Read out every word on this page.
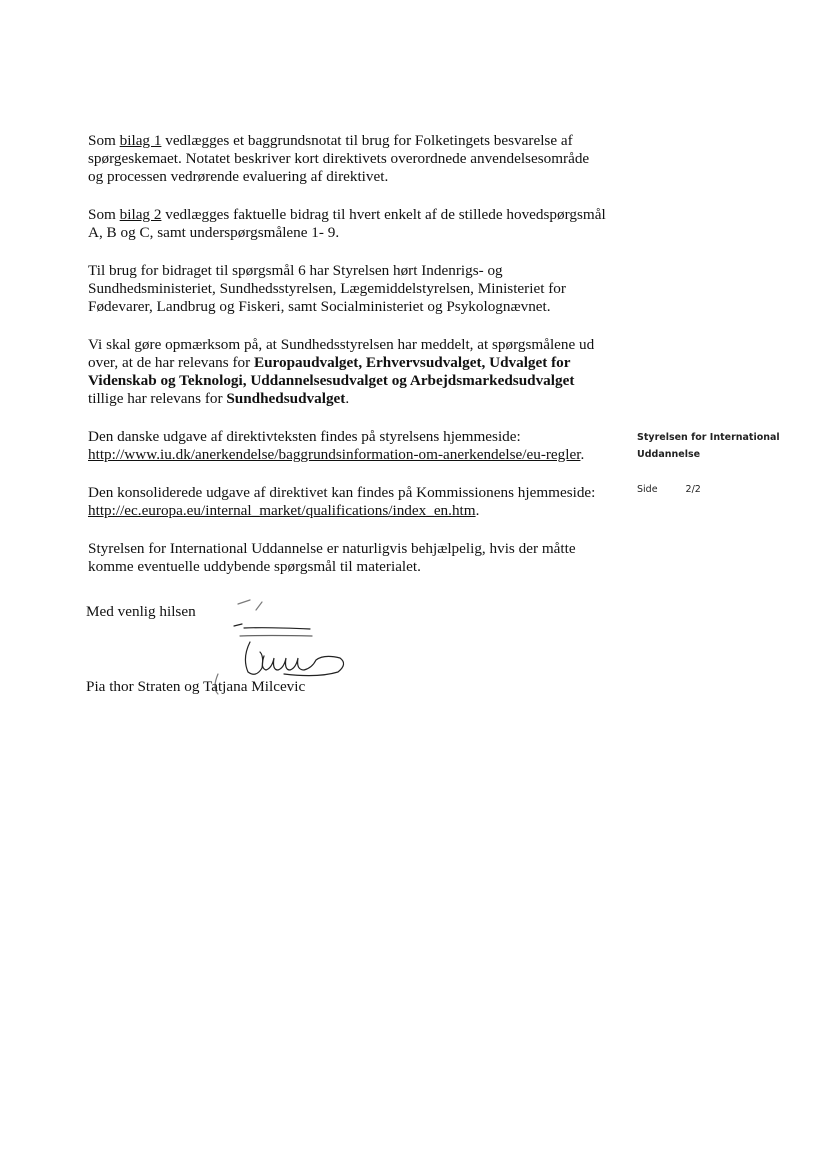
Som bilag 1 vedlægges et baggrundsnotat til brug for Folketingets besvarelse af spørgeskemaet. Notatet beskriver kort direktivets overordnede anvendelsesområde og processen vedrørende evaluering af direktivet.

Som bilag 2 vedlægges faktuelle bidrag til hvert enkelt af de stillede hovedspørgsmål A, B og C, samt underspørgsmålene 1- 9.

Til brug for bidraget til spørgsmål 6 har Styrelsen hørt Indenrigs- og Sundhedsministeriet, Sundhedsstyrelsen, Lægemiddelstyrelsen, Ministeriet for Fødevarer, Landbrug og Fiskeri, samt Socialministeriet og Psykolognævnet.

Vi skal gøre opmærksom på, at Sundhedsstyrelsen har meddelt, at spørgsmålene ud over, at de har relevans for Europaudvalget, Erhvervsudvalget, Udvalget for Videnskab og Teknologi, Uddannelsesudvalget og Arbejdsmarkedsudvalget tillige har relevans for Sundhedsudvalget.

Den danske udgave af direktivteksten findes på styrelsens hjemmeside:
http://www.iu.dk/anerkendelse/baggrundsinformation-om-anerkendelse/eu-regler.

Den konsoliderede udgave af direktivet kan findes på Kommissionens hjemmeside: http://ec.europa.eu/internal_market/qualifications/index_en.htm.

Styrelsen for International Uddannelse er naturligvis behjælpelig, hvis der måtte komme eventuelle uddybende spørgsmål til materialet.

Styrelsen for International
Uddannelse
Side	2/2
Med venlig hilsen
Pia thor Straten og Tatjana Milcevic
